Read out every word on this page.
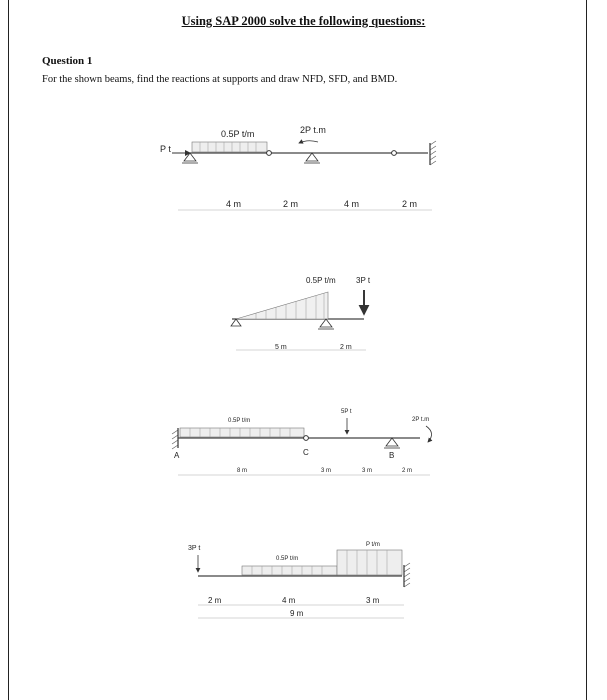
Using SAP 2000 solve the following questions:
Question 1
For the shown beams, find the reactions at supports and draw NFD, SFD, and BMD.
P t
0.5P t/m	2P t.m
4 m	2 m	4 m	2 m
0.5P t/m	3P t
5 m	2 m
A
0.5P t/m
C
5P t
B
2P t.m
8 m	3 m	3 m	2 m
3P t
0.5P t/m
P t/m
2 m	4 m	3 m
9 m
